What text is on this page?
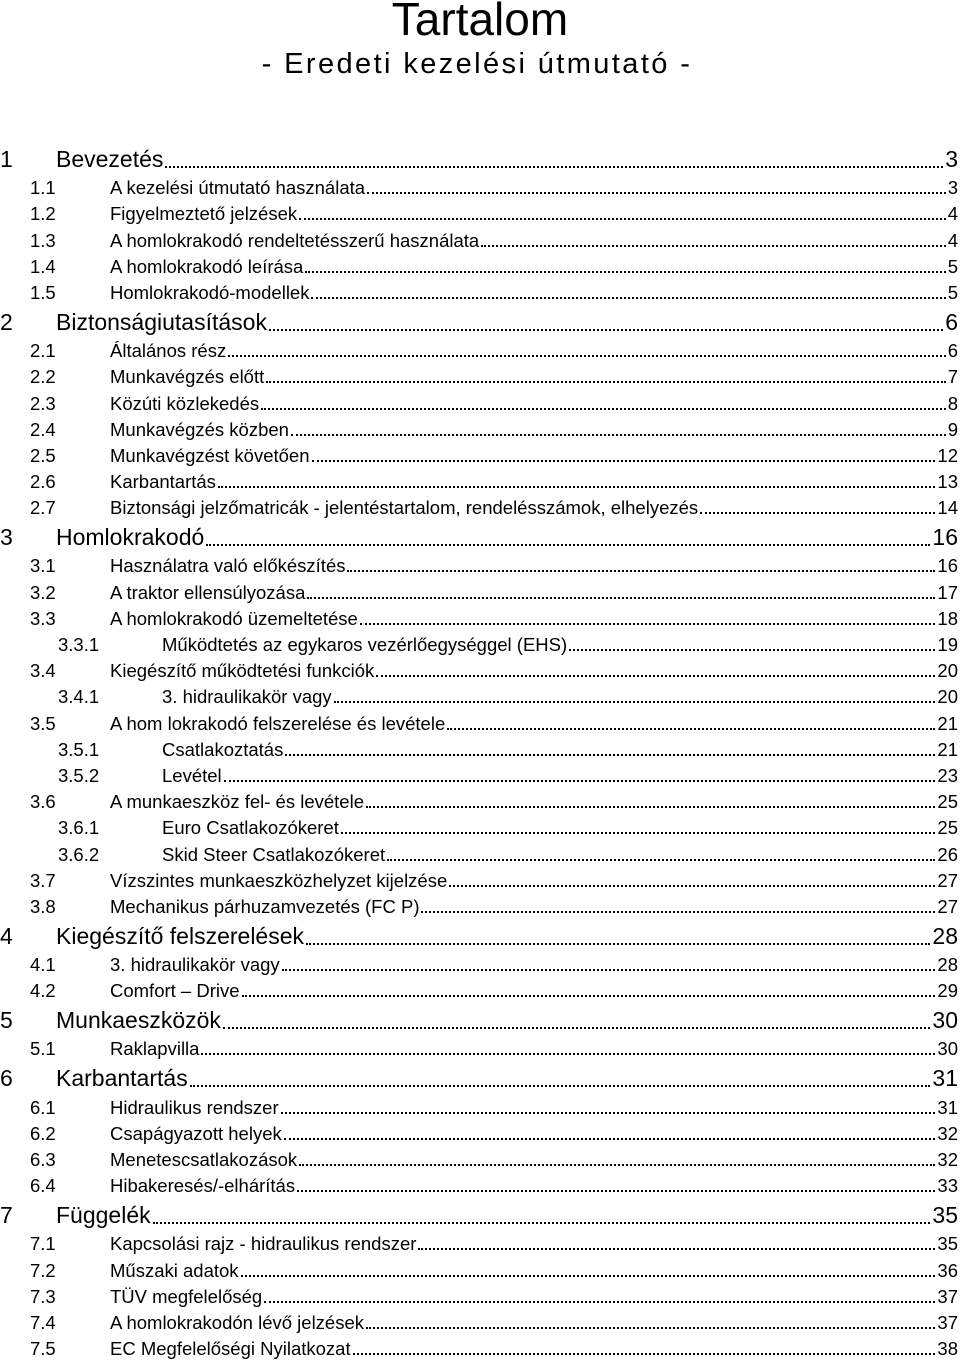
Tartalom
- Eredeti kezelési útmutató -
1 Bevezetés	3
1.1	A kezelési útmutató használata	3
1.2	Figyelmeztető jelzések	4
1.3	A homlokrakodó rendeltetésszerű használata	4
1.4	A homlokrakodó leírása	5
1.5	Homlokrakodó-modellek	5
2 Biztonságiutasítások	6
2.1	Általános rész	6
2.2	Munkavégzés előtt	7
2.3	Közúti közlekedés	8
2.4	Munkavégzés közben	9
2.5	Munkavégzést követően	12
2.6	Karbantartás	13
2.7	Biztonsági jelzőmatricák - jelentéstartalom, rendelésszámok, elhelyezés	14
3 Homlokrakodó	16
3.1	Használatra való előkészítés	16
3.2	A traktor ellensúlyozása	17
3.3	A homlokrakodó üzemeltetése	18
3.3.1	Működtetés az egykaros vezérlőegységgel (EHS)	19
3.4	Kiegészítő működtetési funkciók	20
3.4.1	3. hidraulikakör vagy	20
3.5	A hom lokrakodó felszerelése és levétele	21
3.5.1	Csatlakoztatás	21
3.5.2	Levétel	23
3.6	A munkaeszköz fel- és levétele	25
3.6.1	Euro Csatlakozókeret	25
3.6.2	Skid Steer Csatlakozókeret	26
3.7	Vízszintes munkaeszközhelyzet kijelzése	27
3.8	Mechanikus párhuzamvezetés (FC P)	27
4 Kiegészítő felszerelések	28
4.1	3. hidraulikakör vagy	28
4.2	Comfort – Drive	29
5 Munkaeszközök	30
5.1	Raklapvilla	30
6 Karbantartás	31
6.1	Hidraulikus rendszer	31
6.2	Csapágyazott helyek	32
6.3	Menetescsatlakozások	32
6.4	Hibakeresés/-elhárítás	33
7 Függelék	35
7.1	Kapcsolási rajz - hidraulikus rendszer	35
7.2	Műszaki adatok	36
7.3	TÜV megfelelőség	37
7.4	A homlokrakodón lévő jelzések	37
7.5	EC Megfelelőségi Nyilatkozat	38
